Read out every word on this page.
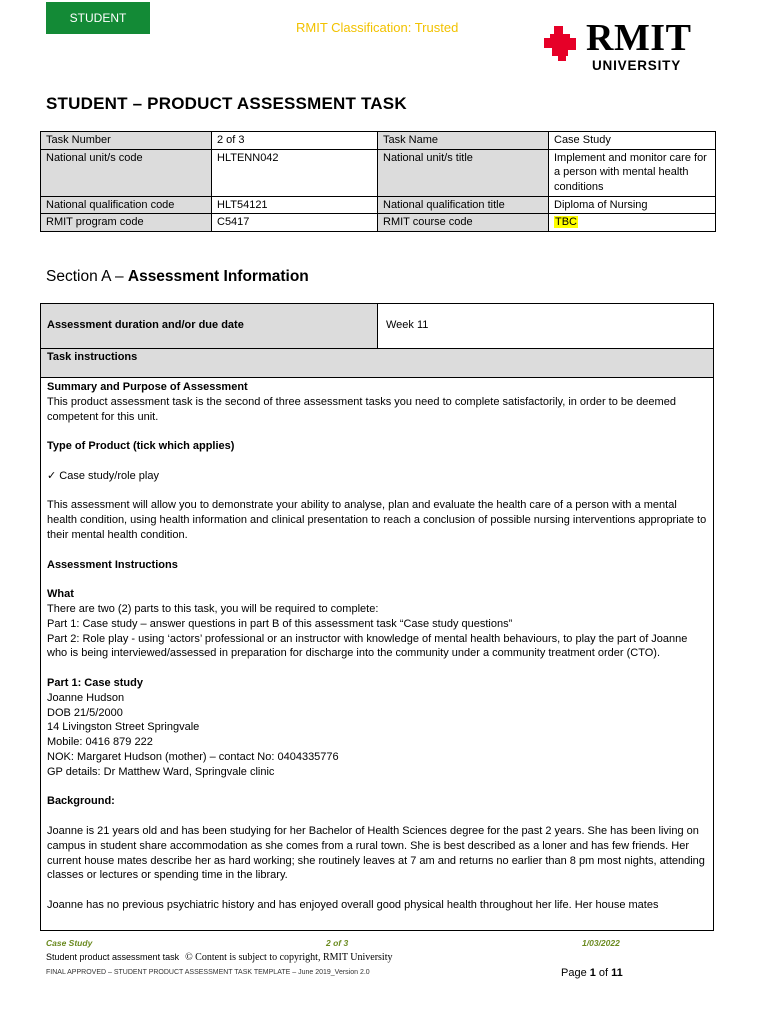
STUDENT
RMIT Classification: Trusted	RMIT
UNIVERSITY
STUDENT – PRODUCT ASSESSMENT TASK
Task Number	2 of 3	Task Name	Case Study
National unit/s code	HLTENN042	National unit/s title	Implement and monitor care for a person with mental health conditions
National qualification code	HLT54121	National qualification title	Diploma of Nursing
RMIT program code	C5417	RMIT course code	TBC
Section A – Assessment Information
Assessment duration and/or due date	Week 11
Task instructions

Summary and Purpose of Assessment

This product assessment task is the second of three assessment tasks you need to complete satisfactorily, in order to be deemed competent for this unit.

Type of Product (tick which applies)

✓ Case study/role play

This assessment will allow you to demonstrate your ability to analyse, plan and evaluate the health care of a person with a mental health condition, using health information and clinical presentation to reach a conclusion of possible nursing interventions appropriate to their mental health condition.

Assessment Instructions

What

There are two (2) parts to this task, you will be required to complete:

Part 1: Case study – answer questions in part B of this assessment task “Case study questions”

Part 2: Role play - using ‘actors’ professional or an instructor with knowledge of mental health behaviours, to play the part of Joanne who is being interviewed/assessed in preparation for discharge into the community under a community treatment order (CTO).

Part 1: Case study

Joanne Hudson

DOB 21/5/2000

14 Livingston Street Springvale

Mobile: 0416 879 222

NOK: Margaret Hudson (mother) – contact No: 0404335776

GP details: Dr Matthew Ward, Springvale clinic

Background:

Joanne is 21 years old and has been studying for her Bachelor of Health Sciences degree for the past 2 years. She has been living on campus in student share accommodation as she comes from a rural town. She is best described as a loner and has few friends. Her current house mates describe her as hard working; she routinely leaves at 7 am and returns no earlier than 8 pm most nights, attending classes or lectures or spending time in the library.

Joanne has no previous psychiatric history and has enjoyed overall good physical health throughout her life. Her house mates

Case Study	2 of 3	1/03/2022
Student product assessment task © Content is subject to copyright, RMIT University
FINAL APPROVED – STUDENT PRODUCT ASSESSMENT TASK TEMPLATE – June 2019_Version 2.0	Page 1 of 11
